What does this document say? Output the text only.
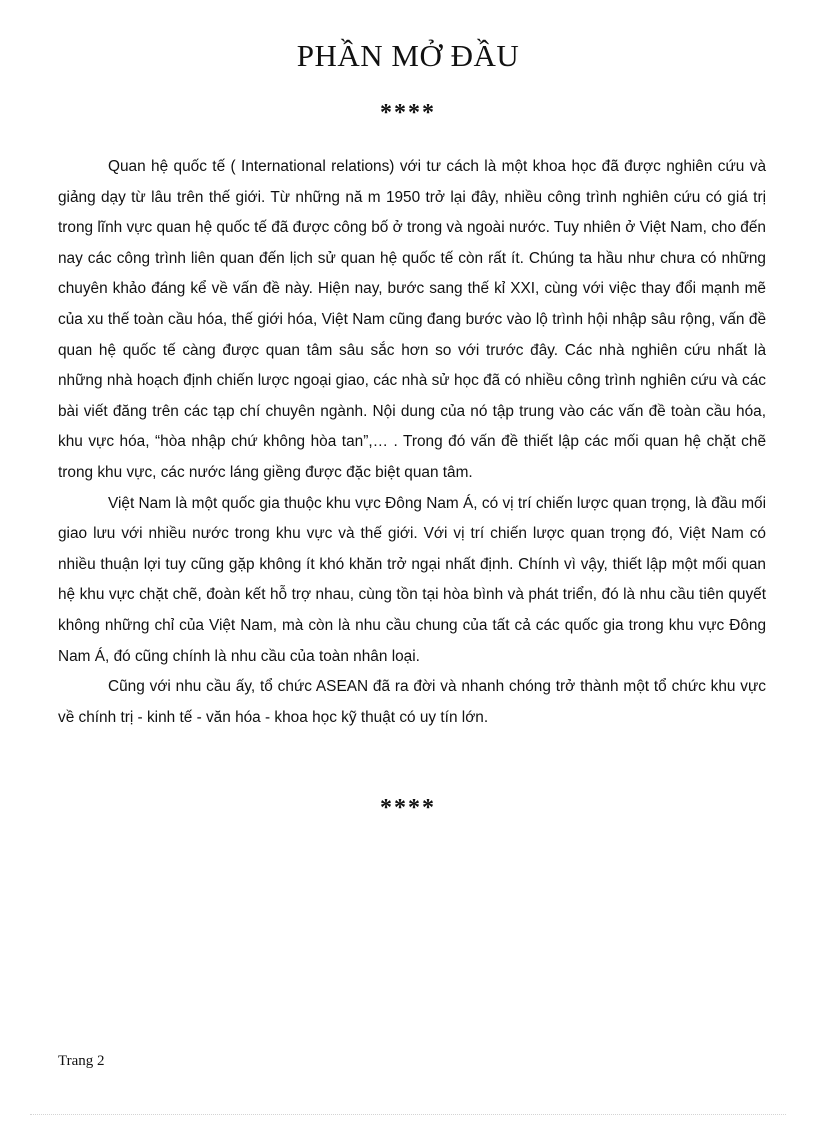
PHẦN MỞ ĐẦU
****

Quan hệ quốc tế ( International relations) với tư cách là một khoa học đã được nghiên cứu và giảng dạy từ lâu trên thế giới. Từ những nă m 1950 trở lại đây, nhiều công trình nghiên cứu có giá trị trong lĩnh vực quan hệ quốc tế đã được công bố ở trong và ngoài nước. Tuy nhiên ở Việt Nam, cho đến nay các công trình liên quan đến lịch sử quan hệ quốc tế còn rất ít. Chúng ta hầu như chưa có những chuyên khảo đáng kể về vấn đề này. Hiện nay, bước sang thế kỉ XXI, cùng với việc thay đổi mạnh mẽ của xu thế toàn cầu hóa, thế giới hóa, Việt Nam cũng đang bước vào lộ trình hội nhập sâu rộng, vấn đề quan hệ quốc tế càng được quan tâm sâu sắc hơn so với trước đây. Các nhà nghiên cứu nhất là những nhà hoạch định chiến lược ngoại giao, các nhà sử học đã có nhiều công trình nghiên cứu và các bài viết đăng trên các tạp chí chuyên ngành. Nội dung của nó tập trung vào các vấn đề toàn cầu hóa, khu vực hóa, “hòa nhập chứ không hòa tan”,… . Trong đó vấn đề thiết lập các mối quan hệ chặt chẽ trong khu vực, các nước láng giềng được đặc biệt quan tâm.

Việt Nam là một quốc gia thuộc khu vực Đông Nam Á, có vị trí chiến lược quan trọng, là đầu mối giao lưu với nhiều nước trong khu vực và thế giới. Với vị trí chiến lược quan trọng đó, Việt Nam có nhiều thuận lợi tuy cũng gặp không ít khó khăn trở ngại nhất định. Chính vì vậy, thiết lập một mối quan hệ khu vực chặt chẽ, đoàn kết hỗ trợ nhau, cùng tồn tại hòa bình và phát triển, đó là nhu cầu tiên quyết không những chỉ của Việt Nam, mà còn là nhu cầu chung của tất cả các quốc gia trong khu vực Đông Nam Á, đó cũng chính là nhu cầu của toàn nhân loại.

Cũng với nhu cầu ấy, tổ chức ASEAN đã ra đời và nhanh chóng trở thành một tổ chức khu vực về chính trị - kinh tế - văn hóa - khoa học kỹ thuật có uy tín lớn.

****
Trang 2
